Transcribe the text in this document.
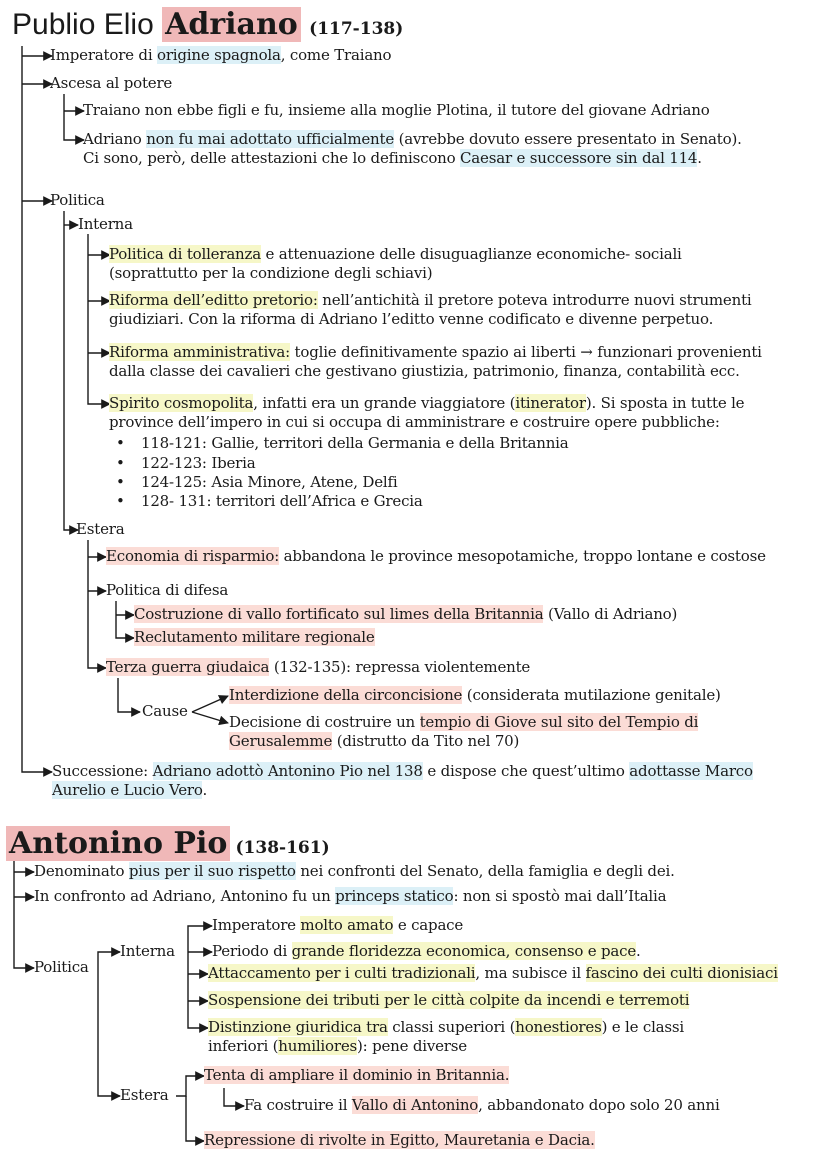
Publio Elio Adriano (117-138)
Imperatore di origine spagnola, come Traiano
Ascesa al potere
Traiano non ebbe figli e fu, insieme alla moglie Plotina, il tutore del giovane Adriano
Adriano non fu mai adottato ufficialmente (avrebbe dovuto essere presentato in Senato).
Ci sono, però, delle attestazioni che lo definiscono Caesar e successore sin dal 114.
Politica
Interna
Politica di tolleranza e attenuazione delle disuguaglianze economiche- sociali
(soprattutto per la condizione degli schiavi)
Riforma dell’editto pretorio: nell’antichità il pretore poteva introdurre nuovi strumenti
giudiziari. Con la riforma di Adriano l’editto venne codificato e divenne perpetuo.
Riforma amministrativa: toglie definitivamente spazio ai liberti → funzionari provenienti
dalla classe dei cavalieri che gestivano giustizia, patrimonio, finanza, contabilità ecc.
Spirito cosmopolita, infatti era un grande viaggiatore (itinerator). Si sposta in tutte le
province dell’impero in cui si occupa di amministrare e costruire opere pubbliche:
• 118-121: Gallie, territori della Germania e della Britannia
• 122-123: Iberia
• 124-125: Asia Minore, Atene, Delfi
• 128- 131: territori dell’Africa e Grecia
Estera
Economia di risparmio: abbandona le province mesopotamiche, troppo lontane e costose
Politica di difesa
Costruzione di vallo fortificato sul limes della Britannia (Vallo di Adriano)
Reclutamento militare regionale
Terza guerra giudaica (132-135): repressa violentemente
Cause
Interdizione della circoncisione (considerata mutilazione genitale)
Decisione di costruire un tempio di Giove sul sito del Tempio di
Gerusalemme (distrutto da Tito nel 70)
Successione: Adriano adottò Antonino Pio nel 138 e dispose che quest’ultimo adottasse Marco
Aurelio e Lucio Vero.
Antonino Pio (138-161)
Denominato pius per il suo rispetto nei confronti del Senato, della famiglia e degli dei.
In confronto ad Adriano, Antonino fu un princeps statico: non si spostò mai dall’Italia
Politica
Interna
Imperatore molto amato e capace
Periodo di grande floridezza economica, consenso e pace.
Attaccamento per i culti tradizionali, ma subisce il fascino dei culti dionisiaci
Sospensione dei tributi per le città colpite da incendi e terremoti
Distinzione giuridica tra classi superiori (honestiores) e le classi
inferiori (humiliores): pene diverse
Estera
Tenta di ampliare il dominio in Britannia.
Fa costruire il Vallo di Antonino, abbandonato dopo solo 20 anni
Repressione di rivolte in Egitto, Mauretania e Dacia.
